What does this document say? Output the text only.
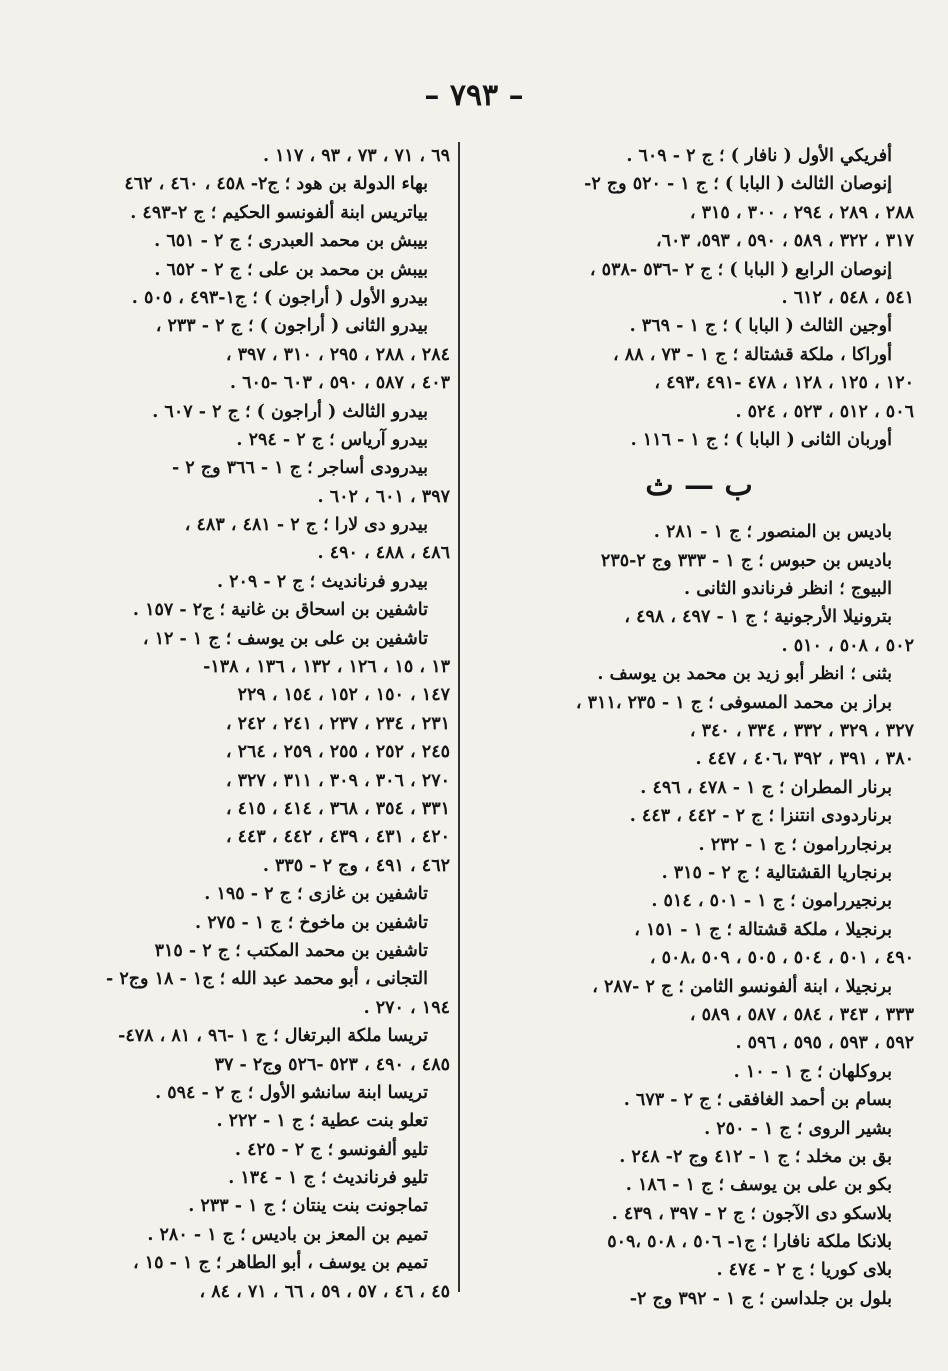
– ٧٩٣ –
أفريكي الأول ( نافار ) ؛ ج ٢ - ٦٠٩ .
إنوصان الثالث ( البابا ) ؛ ج ١ - ٥٢٠ وج ٢-
٢٨٨ ، ٢٨٩ ، ٢٩٤ ، ٣٠٠ ، ٣١٥ ،
٣١٧ ، ٣٢٢ ، ٥٨٩ ، ٥٩٠ ، ٥٩٣، ٦٠٣،
إنوصان الرابع ( البابا ) ؛ ج ٢ -٥٣٦ -٥٣٨ ،
٥٤١ ، ٥٤٨ ، ٦١٢ .
أوجين الثالث ( البابا ) ؛ ج ١ - ٣٦٩ .
أوراكا ، ملكة قشتالة ؛ ج ١ - ٧٣ ، ٨٨ ،
١٢٠ ، ١٢٥ ، ١٢٨ ، ٤٧٨ -٤٩١ ،٤٩٣ ،
٥٠٦ ، ٥١٢ ، ٥٢٣ ، ٥٢٤ .
أوربان الثانى ( البابا ) ؛ ج ١ - ١١٦ .
ب — ث
باديس بن المنصور ؛ ج ١ - ٢٨١ .
باديس بن حبوس ؛ ج ١ - ٣٣٣ وج ٢-٢٣٥
البيوج ؛ انظر فرناندو الثانى .
بترونيلا الأرجونية ؛ ج ١ - ٤٩٧ ، ٤٩٨ ،
٥٠٢ ، ٥٠٨ ، ٥١٠ .
بثنى ؛ انظر أبو زيد بن محمد بن يوسف .
براز بن محمد المسوفى ؛ ج ١ - ٢٣٥ ،٣١١ ،
٣٢٧ ، ٣٢٩ ، ٣٣٢ ، ٣٣٤ ، ٣٤٠ ،
٣٨٠ ، ٣٩١ ، ٣٩٢ ،٤٠٦ ، ٤٤٧ .
برنار المطران ؛ ج ١ - ٤٧٨ ، ٤٩٦ .
برناردودى انتنزا ؛ ج ٢ - ٤٤٢ ، ٤٤٣ .
برنجاررامون ؛ ج ١ - ٢٣٢ .
برنجاريا القشتالية ؛ ج ٢ - ٣١٥ .
برنجيررامون ؛ ج ١ - ٥٠١ ، ٥١٤ .
برنجيلا ، ملكة قشتالة ؛ ج ١ - ١٥١ ،
٤٩٠ ، ٥٠١ ، ٥٠٤ ، ٥٠٥ ، ٥٠٩ ،٥٠٨ ،
برنجيلا ، ابنة ألفونسو الثامن ؛ ج ٢ -٢٨٧ ،
٣٣٣ ، ٣٤٣ ، ٥٨٤ ، ٥٨٧ ، ٥٨٩ ،
٥٩٢ ، ٥٩٣ ، ٥٩٥ ، ٥٩٦ .
بروكلهان ؛ ج ١ - ١٠ .
بسام بن أحمد الغافقى ؛ ج ٢ - ٦٧٣ .
بشير الروى ؛ ج ١ - ٢٥٠ .
بق بن مخلد ؛ ج ١ - ٤١٢ وج ٢- ٢٤٨ .
بكو بن على بن يوسف ؛ ج ١ - ١٨٦ .
بلاسكو دى الآجون ؛ ج ٢ - ٣٩٧ ، ٤٣٩ .
بلانكا ملكة نافارا ؛ ج١- ٥٠٦ ، ٥٠٨ ،٥٠٩
بلاى كوريا ؛ ج ٢ - ٤٧٤ .
بلول بن جلداسن ؛ ج ١ - ٣٩٢ وج ٢-
٦٩ ، ٧١ ، ٧٣ ، ٩٣ ، ١١٧ .
بهاء الدولة بن هود ؛ ج٢- ٤٥٨ ، ٤٦٠ ، ٤٦٢
بياتريس ابنة ألفونسو الحكيم ؛ ج ٢-٤٩٣ .
بيبش بن محمد العبدرى ؛ ج ٢ - ٦٥١ .
بيبش بن محمد بن على ؛ ج ٢ - ٦٥٢ .
بيدرو الأول ( أراجون ) ؛ ج١-٤٩٣ ، ٥٠٥ .
بيدرو الثانى ( أراجون ) ؛ ج ٢ - ٢٣٣ ،
٢٨٤ ، ٢٨٨ ، ٢٩٥ ، ٣١٠ ، ٣٩٧ ،
٤٠٣ ، ٥٨٧ ، ٥٩٠ ، ٦٠٣ -٦٠٥ .
بيدرو الثالث ( أراجون ) ؛ ج ٢ - ٦٠٧ .
بيدرو آرياس ؛ ج ٢ - ٢٩٤ .
بيدرودى أساجر ؛ ج ١ - ٣٦٦ وج ٢ -
٣٩٧ ، ٦٠١ ، ٦٠٢ .
بيدرو دى لارا ؛ ج ٢ - ٤٨١ ، ٤٨٣ ،
٤٨٦ ، ٤٨٨ ، ٤٩٠ .
بيدرو فرنانديث ؛ ج ٢ - ٢٠٩ .
تاشفين بن اسحاق بن غانية ؛ ج٢ - ١٥٧ .
تاشفين بن على بن يوسف ؛ ج ١ - ١٢ ،
١٣ ، ١٥ ، ١٢٦ ، ١٣٢ ، ١٣٦ ، ١٣٨-
١٤٧ ، ١٥٠ ، ١٥٢ ، ١٥٤ ، ٢٢٩
٢٣١ ، ٢٣٤ ، ٢٣٧ ، ٢٤١ ، ٢٤٢ ،
٢٤٥ ، ٢٥٢ ، ٢٥٥ ، ٢٥٩ ، ٢٦٤ ،
٢٧٠ ، ٣٠٦ ، ٣٠٩ ، ٣١١ ، ٣٢٧ ،
٣٣١ ، ٣٥٤ ، ٣٦٨ ، ٤١٤ ، ٤١٥ ،
٤٢٠ ، ٤٣١ ، ٤٣٩ ، ٤٤٢ ، ٤٤٣ ،
٤٦٢ ، ٤٩١ ، وج ٢ - ٣٣٥ .
تاشفين بن غازى ؛ ج ٢ - ١٩٥ .
تاشفين بن ماخوخ ؛ ج ١ - ٢٧٥ .
تاشفين بن محمد المكتب ؛ ج ٢ - ٣١٥
التجانى ، أبو محمد عبد الله ؛ ج١ - ١٨ وج٢ -
١٩٤ ، ٢٧٠ .
تريسا ملكة البرتغال ؛ ج ١ -٩٦ ، ٨١ ، ٤٧٨-
٤٨٥ ، ٤٩٠ ، ٥٢٣ -٥٢٦ وج٢ - ٣٧
تريسا ابنة سانشو الأول ؛ ج ٢ - ٥٩٤ .
تعلو بنت عطية ؛ ج ١ - ٢٢٢ .
تليو ألفونسو ؛ ج ٢ - ٤٢٥ .
تليو فرنانديث ؛ ج ١ - ١٣٤ .
تماجونت بنت ينتان ؛ ج ١ - ٢٣٣ .
تميم بن المعز بن باديس ؛ ج ١ - ٢٨٠ .
تميم بن يوسف ، أبو الطاهر ؛ ج ١ - ١٥ ،
٤٥ ، ٤٦ ، ٥٧ ، ٥٩ ، ٦٦ ، ٧١ ، ٨٤ ،
